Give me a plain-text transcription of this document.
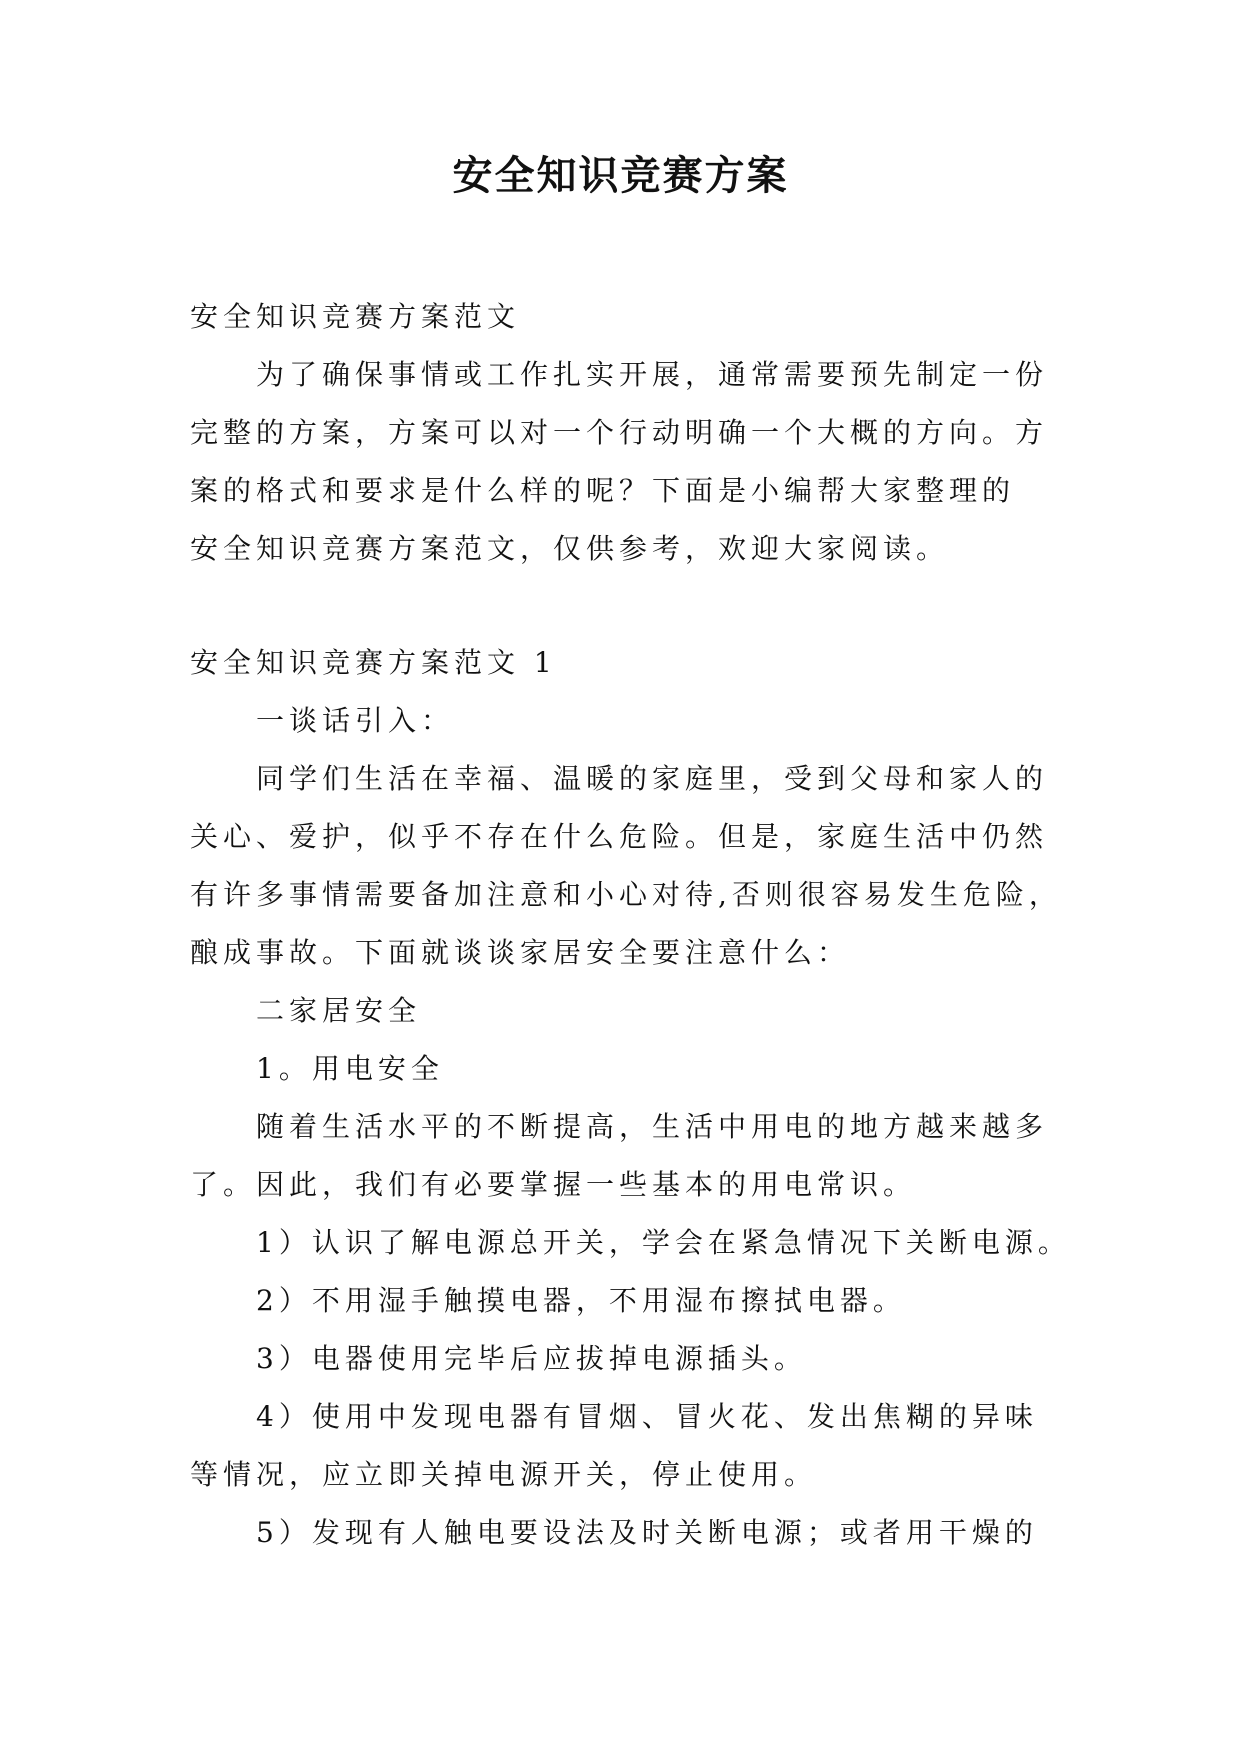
安全知识竞赛方案
安全知识竞赛方案范文
为了确保事情或工作扎实开展，通常需要预先制定一份
完整的方案，方案可以对一个行动明确一个大概的方向。方
案的格式和要求是什么样的呢？下面是小编帮大家整理的
安全知识竞赛方案范文，仅供参考，欢迎大家阅读。
安全知识竞赛方案范文 1
一谈话引入：
同学们生活在幸福、温暖的家庭里，受到父母和家人的
关心、爱护，似乎不存在什么危险。但是，家庭生活中仍然
有许多事情需要备加注意和小心对待,否则很容易发生危险，
酿成事故。下面就谈谈家居安全要注意什么：
二家居安全
1。用电安全
随着生活水平的不断提高，生活中用电的地方越来越多
了。因此，我们有必要掌握一些基本的用电常识。
1）认识了解电源总开关，学会在紧急情况下关断电源。
2）不用湿手触摸电器，不用湿布擦拭电器。
3）电器使用完毕后应拔掉电源插头。
4）使用中发现电器有冒烟、冒火花、发出焦糊的异味
等情况，应立即关掉电源开关，停止使用。
5）发现有人触电要设法及时关断电源；或者用干燥的
